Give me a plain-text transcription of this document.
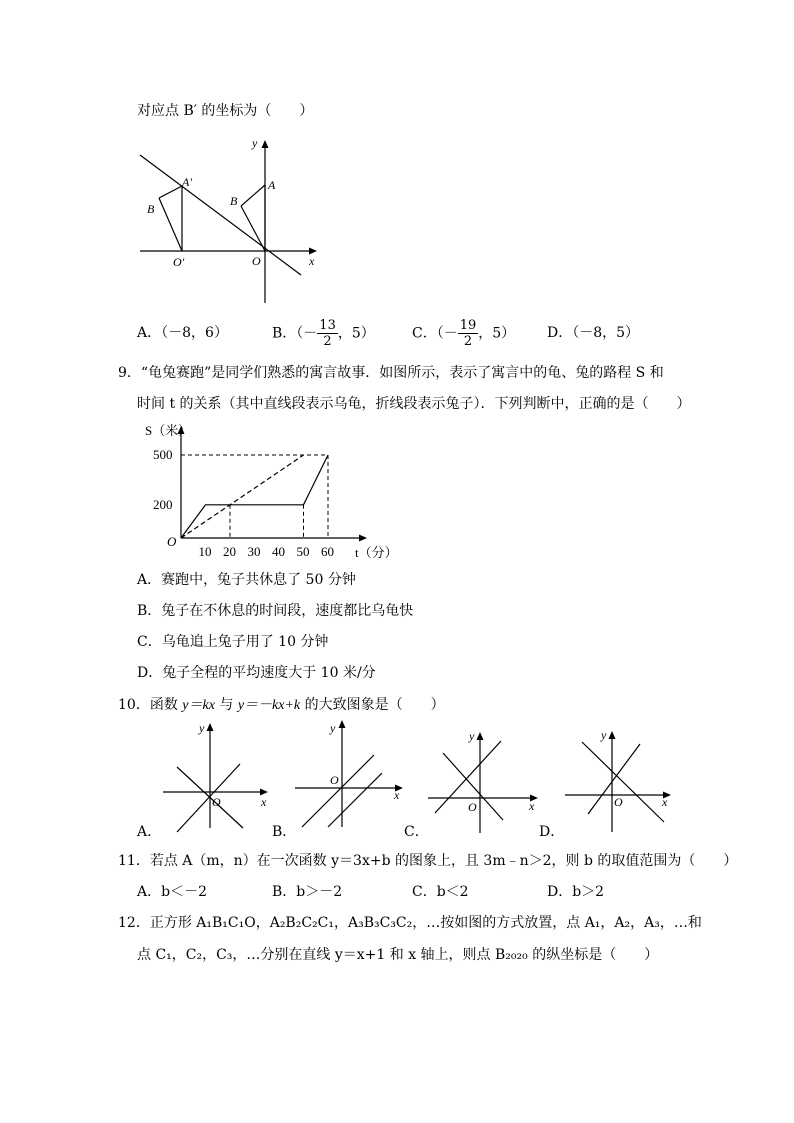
对应点 B′ 的坐标为（　　）
A'
B
O′
A
B
O	x
y
A．（－8，6）	B．（－ $\frac{13}{2}$ ，5）	C．（－ $\frac{19}{2}$ ，5） D．（－8，5）
9．“龟兔赛跑”是同学们熟悉的寓言故事．如图所示，表示了寓言中的龟、兔的路程 S 和
时间 t 的关系（其中直线段表示乌龟，折线段表示兔子）．下列判断中，正确的是（　　）
200
500
10 20 30 40 50 60
S（米）
t（分）
O
A．赛跑中，兔子共休息了 50 分钟
B．兔子在不休息的时间段，速度都比乌龟快
C．乌龟追上兔子用了 10 分钟
D．兔子全程的平均速度大于 10 米/分
10．函数 y＝kx 与 y＝－kx+k 的大致图象是（　　）
x
y
O	x
y
O
x
y
O	x
y
O
A．	B．	C．	D．
11．若点 A（m，n）在一次函数 y＝3x+b 的图象上，且 3m﹣n＞2，则 b 的取值范围为（　　）
A．b＜－2	B．b＞－2	C．b＜2	D．b＞2
12．正方形 A₁B₁C₁O，A₂B₂C₂C₁，A₃B₃C₃C₂，…按如图的方式放置，点 A₁，A₂，A₃，…和
点 C₁，C₂，C₃，…分别在直线 y＝x+1 和 x 轴上，则点 B₂₀₂₀ 的纵坐标是（　　）
